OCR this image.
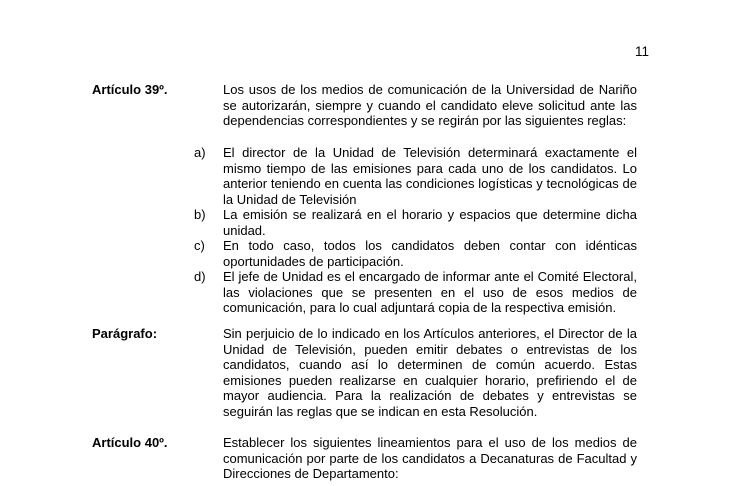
11
Artículo 39º.	Los usos de los medios de comunicación de la Universidad de Nariño se autorizarán, siempre y cuando el candidato eleve solicitud ante las dependencias correspondientes y se regirán por las siguientes reglas:
a) El director de la Unidad de Televisión determinará exactamente el mismo tiempo de las emisiones para cada uno de los candidatos. Lo anterior teniendo en cuenta las condiciones logísticas y tecnológicas de la Unidad de Televisión
b) La emisión se realizará en el horario y espacios que determine dicha unidad.
c) En todo caso, todos los candidatos deben contar con idénticas oportunidades de participación.
d) El jefe de Unidad es el encargado de informar ante el Comité Electoral, las violaciones que se presenten en el uso de esos medios de comunicación, para lo cual adjuntará copia de la respectiva emisión.
Parágrafo:	Sin perjuicio de lo indicado en los Artículos anteriores, el Director de la Unidad de Televisión, pueden emitir debates o entrevistas de los candidatos, cuando así lo determinen de común acuerdo. Estas emisiones pueden realizarse en cualquier horario, prefiriendo el de mayor audiencia. Para la realización de debates y entrevistas se seguirán las reglas que se indican en esta Resolución.
Artículo 40º.	Establecer los siguientes lineamientos para el uso de los medios de comunicación por parte de los candidatos a Decanaturas de Facultad y Direcciones de Departamento:
